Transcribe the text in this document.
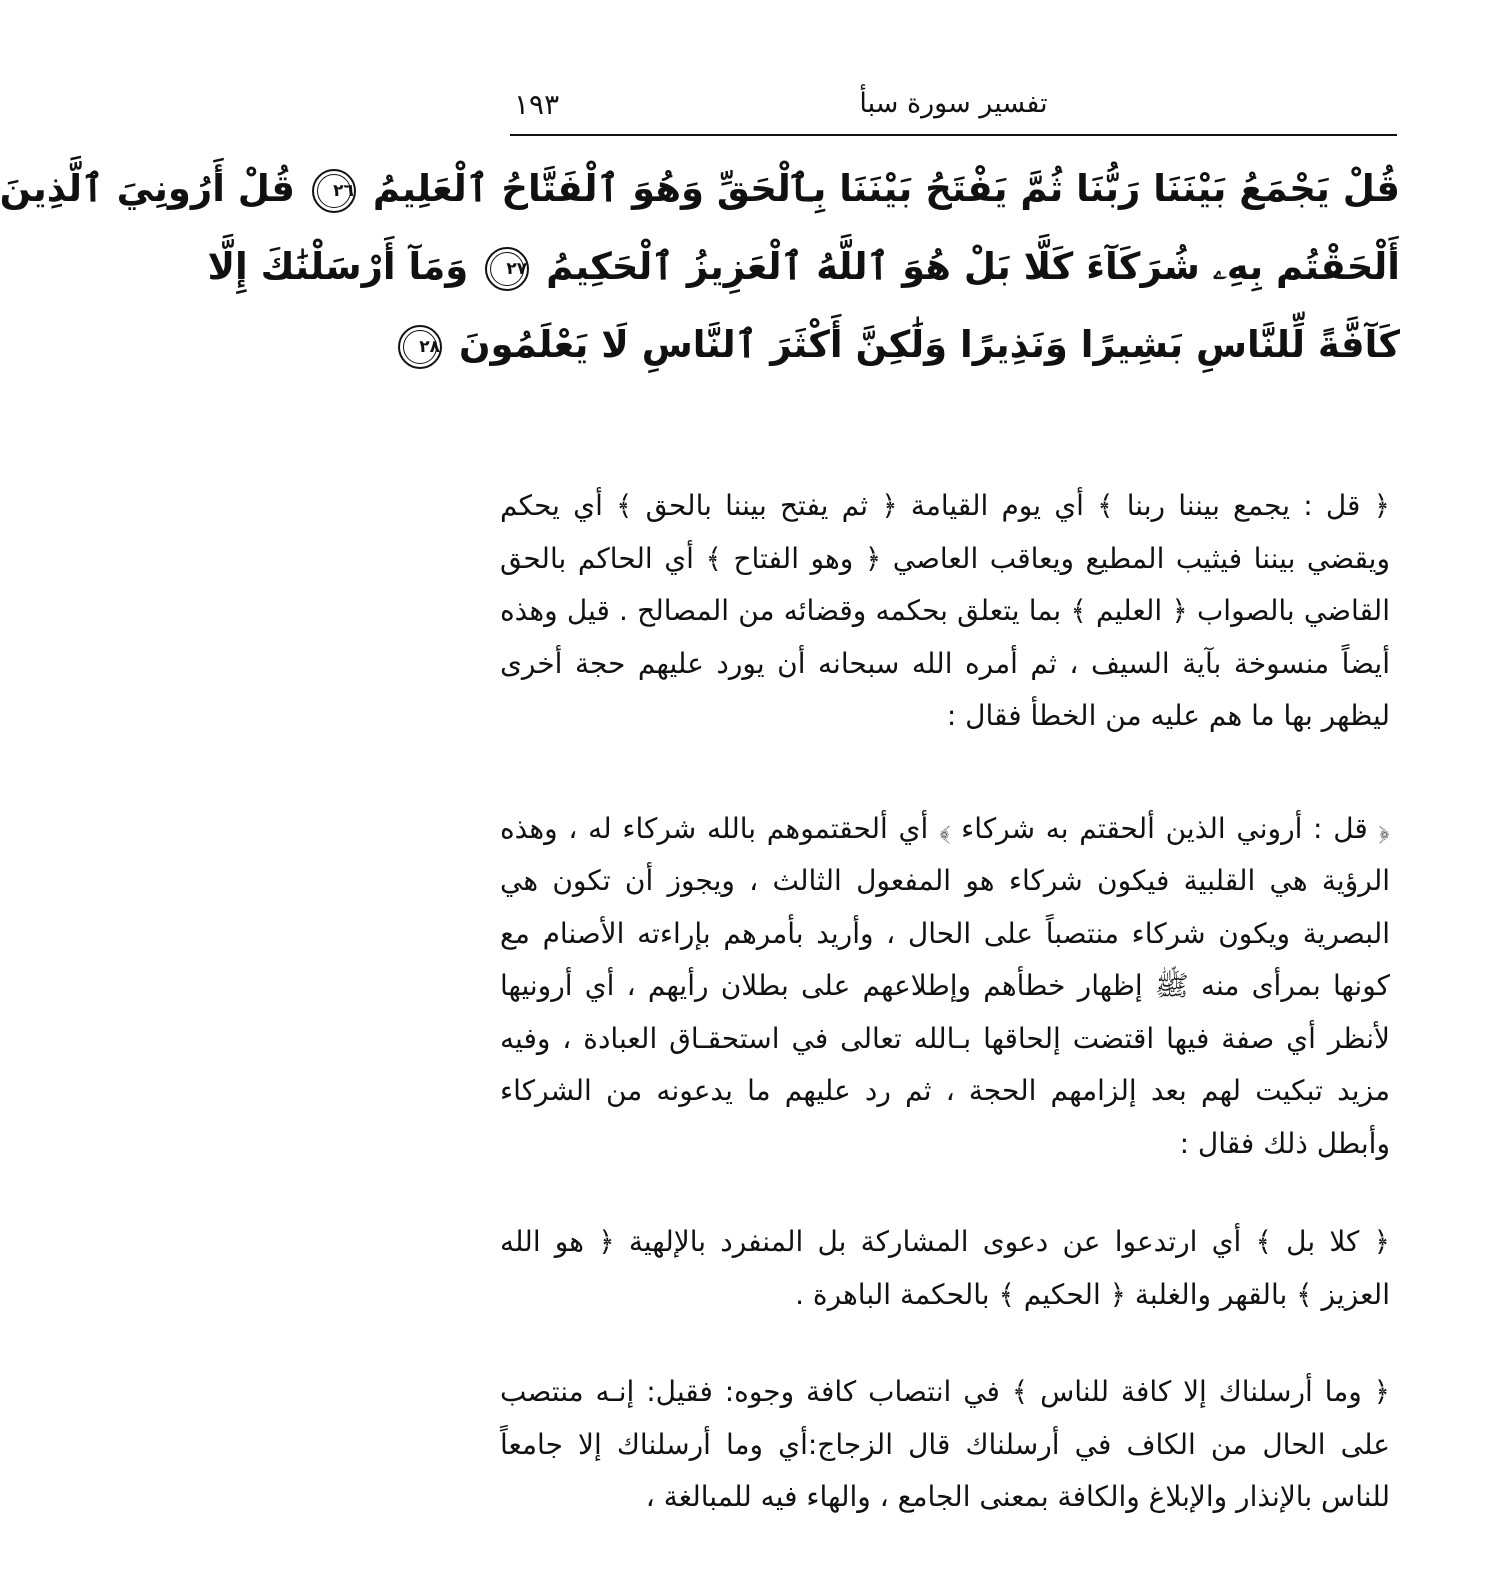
١٩٣	تفسير سورة سبأ
قُلْ يَجْمَعُ بَيْنَنَا رَبُّنَا ثُمَّ يَفْتَحُ بَيْنَنَا بِٱلْحَقِّ وَهُوَ ٱلْفَتَّاحُ ٱلْعَلِيمُ ٢٦ قُلْ أَرُونِيَ ٱلَّذِينَ
أَلْحَقْتُم بِهِۦ شُرَكَآءَ كَلَّا بَلْ هُوَ ٱللَّهُ ٱلْعَزِيزُ ٱلْحَكِيمُ ٢٧ وَمَآ أَرْسَلْنَٰكَ إِلَّا
كَآفَّةً لِّلنَّاسِ بَشِيرًا وَنَذِيرًا وَلَٰكِنَّ أَكْثَرَ ٱلنَّاسِ لَا يَعْلَمُونَ ٢٨

﴿ قل : يجمع بيننا ربنا ﴾ أي يوم القيامة ﴿ ثم يفتح بيننا بالحق ﴾ أي يحكم ويقضي بيننا فيثيب المطيع ويعاقب العاصي ﴿ وهو الفتاح ﴾ أي الحاكم بالحق القاضي بالصواب ﴿ العليم ﴾ بما يتعلق بحكمه وقضائه من المصالح . قيل وهذه أيضاً منسوخة بآية السيف ، ثم أمره الله سبحانه أن يورد عليهم حجة أخرى ليظهر بها ما هم عليه من الخطأ فقال :

﴿ قل : أروني الذين ألحقتم به شركاء ﴾ أي ألحقتموهم بالله شركاء له ، وهذه الرؤية هي القلبية فيكون شركاء هو المفعول الثالث ، ويجوز أن تكون هي البصرية ويكون شركاء منتصباً على الحال ، وأريد بأمرهم بإراءته الأصنام مع كونها بمرأى منه ﷺ إظهار خطأهم وإطلاعهم على بطلان رأيهم ، أي أرونيها لأنظر أي صفة فيها اقتضت إلحاقها بـالله تعالى في استحقـاق العبادة ، وفيه مزيد تبكيت لهم بعد إلزامهم الحجة ، ثم رد عليهم ما يدعونه من الشركاء وأبطل ذلك فقال :

﴿ كلا بل ﴾ أي ارتدعوا عن دعوى المشاركة بل المنفرد بالإلهية ﴿ هو الله العزيز ﴾ بالقهر والغلبة ﴿ الحكيم ﴾ بالحكمة الباهرة .

﴿ وما أرسلناك إلا كافة للناس ﴾ في انتصاب كافة وجوه: فقيل: إنـه منتصب على الحال من الكاف في أرسلناك قال الزجاج:أي وما أرسلناك إلا جامعاً للناس بالإنذار والإبلاغ والكافة بمعنى الجامع ، والهاء فيه للمبالغة ،
